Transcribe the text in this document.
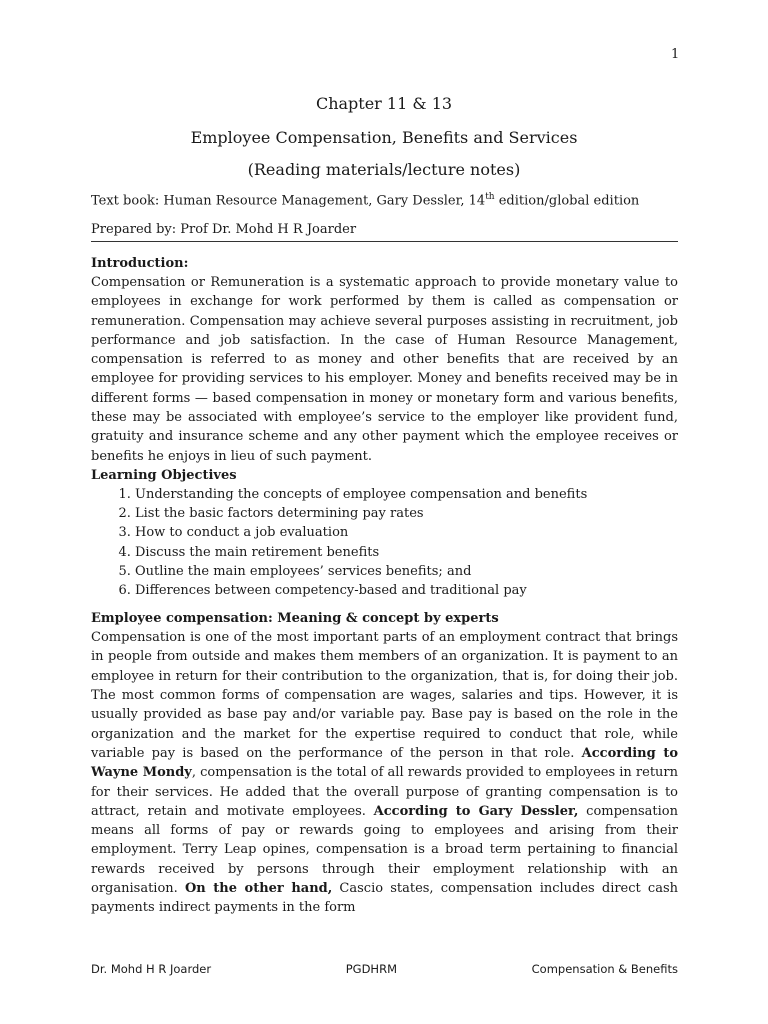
1
Chapter 11 & 13
Employee Compensation, Benefits and Services
(Reading materials/lecture notes)
Text book: Human Resource Management, Gary Dessler, 14th edition/global edition
Prepared by: Prof Dr. Mohd H R Joarder

Introduction:

Compensation or Remuneration is a systematic approach to provide monetary value to employees in exchange for work performed by them is called as compensation or remuneration. Compensation may achieve several purposes assisting in recruitment, job performance and job satisfaction. In the case of Human Resource Management, compensation is referred to as money and other benefits that are received by an employee for providing services to his employer. Money and benefits received may be in different forms — based compensation in money or monetary form and various benefits, these may be associated with employee’s service to the employer like provident fund, gratuity and insurance scheme and any other payment which the employee receives or benefits he enjoys in lieu of such payment.

Learning Objectives

1. Understanding the concepts of employee compensation and benefits
2. List the basic factors determining pay rates
3. How to conduct a job evaluation
4. Discuss the main retirement benefits
5. Outline the main employees’ services benefits; and
6. Differences between competency-based and traditional pay

Employee compensation: Meaning & concept by experts

Compensation is one of the most important parts of an employment contract that brings in people from outside and makes them members of an organization. It is payment to an employee in return for their contribution to the organization, that is, for doing their job. The most common forms of compensation are wages, salaries and tips. However, it is usually provided as base pay and/or variable pay. Base pay is based on the role in the organization and the market for the expertise required to conduct that role, while variable pay is based on the performance of the person in that role. According to Wayne Mondy, compensation is the total of all rewards provided to employees in return for their services. He added that the overall purpose of granting compensation is to attract, retain and motivate employees. According to Gary Dessler, compensation means all forms of pay or rewards going to employees and arising from their employment. Terry Leap opines, compensation is a broad term pertaining to financial rewards received by persons through their employment relationship with an organisation. On the other hand, Cascio states, compensation includes direct cash payments indirect payments in the form

Dr. Mohd H R Joarder	PGDHRM	Compensation & Benefits
